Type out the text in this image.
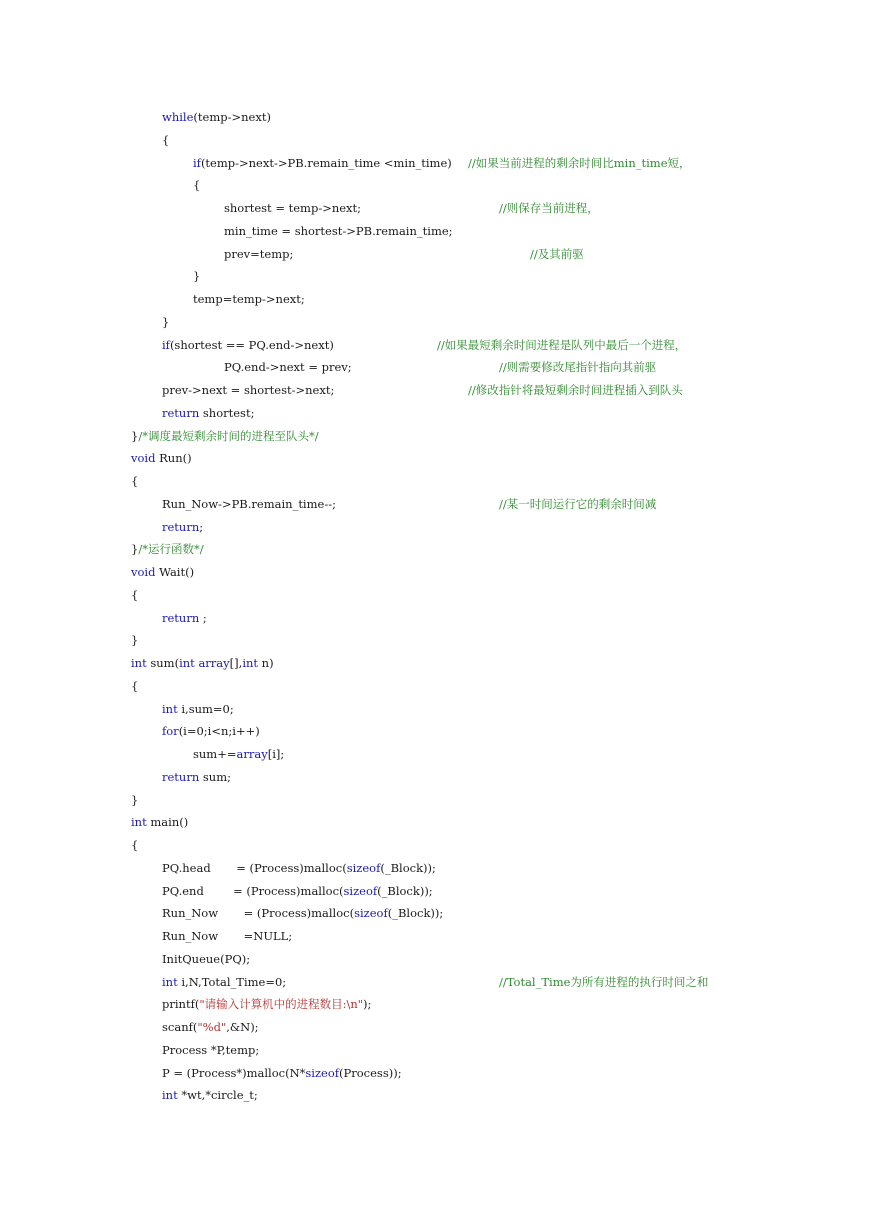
while(temp->next)
{
if(temp->next->PB.remain_time <min_time) //如果当前进程的剩余时间比min_time短，
{
shortest = temp->next;	//则保存当前进程，
min_time = shortest->PB.remain_time;
prev=temp;	//及其前驱
}
temp=temp->next;
}
if(shortest == PQ.end->next)	//如果最短剩余时间进程是队列中最后一个进程，
PQ.end->next = prev;	//则需要修改尾指针指向其前驱
prev->next = shortest->next;	//修改指针将最短剩余时间进程插入到队头
return shortest;
}/*调度最短剩余时间的进程至队头*/
void Run()
{
Run_Now->PB.remain_time--;	//某一时间运行它的剩余时间减
return;
}/*运行函数*/
void Wait()
{
return ;
}
int sum(int array[],int n)
{
int i,sum=0;
for(i=0;i<n;i++)
sum+=array[i];
return sum;
}
int main()
{
PQ.head       = (Process)malloc(sizeof(_Block));
PQ.end        = (Process)malloc(sizeof(_Block));
Run_Now       = (Process)malloc(sizeof(_Block));
Run_Now       =NULL;
InitQueue(PQ);
int i,N,Total_Time=0;	//Total_Time为所有进程的执行时间之和
printf("请输入计算机中的进程数目:\n");
scanf("%d",&N);
Process *P,temp;
P = (Process*)malloc(N*sizeof(Process));
int *wt,*circle_t;
